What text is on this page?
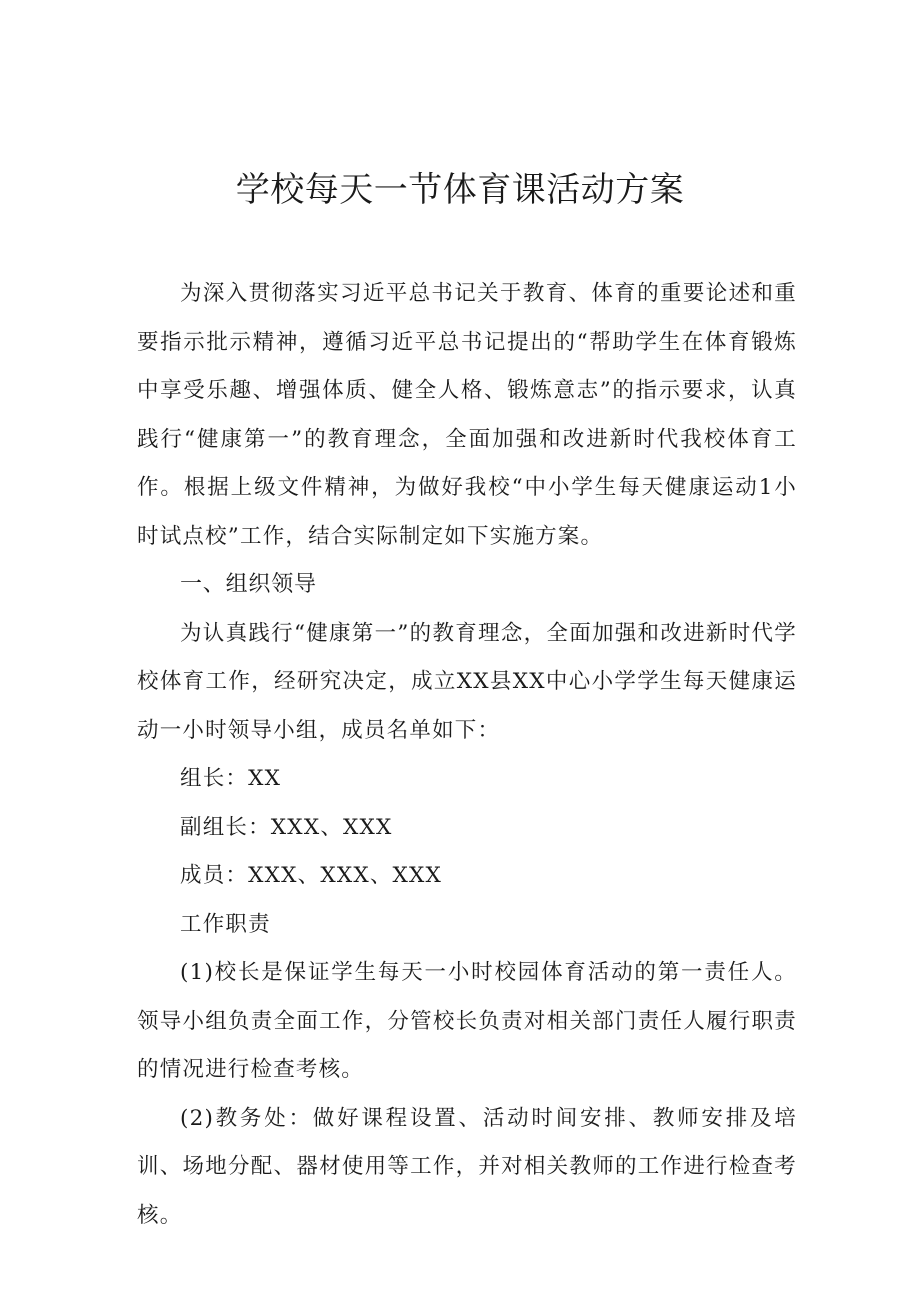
学校每天一节体育课活动方案

为深入贯彻落实习近平总书记关于教育、体育的重要论述和重要指示批示精神，遵循习近平总书记提出的“帮助学生在体育锻炼中享受乐趣、增强体质、健全人格、锻炼意志”的指示要求，认真践行“健康第一”的教育理念，全面加强和改进新时代我校体育工作。根据上级文件精神，为做好我校“中小学生每天健康运动1小时试点校”工作，结合实际制定如下实施方案。

一、组织领导

为认真践行“健康第一”的教育理念，全面加强和改进新时代学校体育工作，经研究决定，成立XX县XX中心小学学生每天健康运动一小时领导小组，成员名单如下：

组长：XX

副组长：XXX、XXX

成员：XXX、XXX、XXX

工作职责

(1)校长是保证学生每天一小时校园体育活动的第一责任人。领导小组负责全面工作，分管校长负责对相关部门责任人履行职责的情况进行检查考核。

(2)教务处：做好课程设置、活动时间安排、教师安排及培训、场地分配、器材使用等工作，并对相关教师的工作进行检查考核。
